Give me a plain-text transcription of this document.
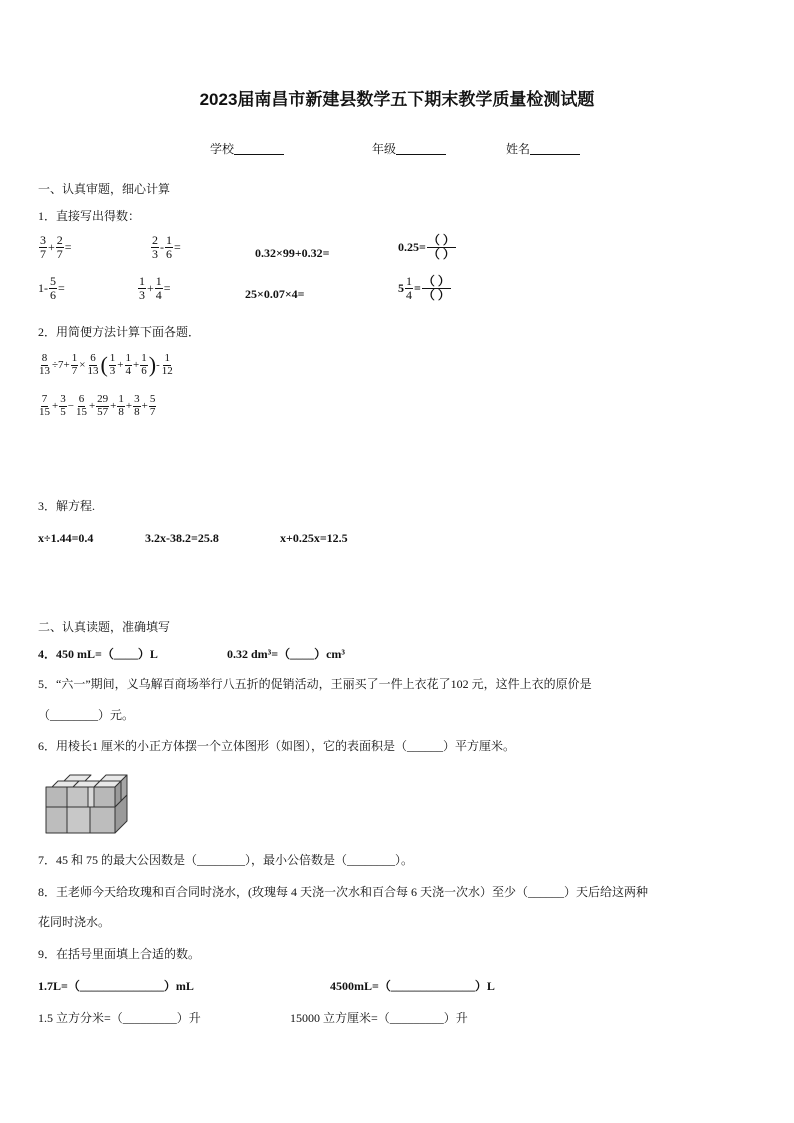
2023届南昌市新建县数学五下期末教学质量检测试题
学校	年级	姓名
一、认真审题，细心计算
1．直接写出得数：
$\frac{3}{7} + \frac{2}{7}$ =	$\frac{2}{3} - \frac{1}{6}$ =	0.32×99+0.32=	$0.25= \frac{( )}{( )}$
$1- \frac{5}{6}$ =	$\frac{1}{3} + \frac{1}{4}$ =	25×0.07×4=	$5 \frac{1}{4} = \frac{( )}{( )}$
2．用简便方法计算下面各题．
$\frac{8}{13} \div 7+ \frac{1}{7} \times \frac{6}{13}$ ( $\frac{1}{3} + \frac{1}{4} + \frac{1}{6}$ ) - $\frac{1}{12}$
$\frac{7}{15} + \frac{3}{5} - \frac{6}{15} + \frac{29}{57} + \frac{1}{8} + \frac{3}{8} + \frac{5}{7}$
3．解方程.
x÷1.44=0.4	3.2x-38.2=25.8	x+0.25x=12.5
二、认真读题，准确填写
4．450 mL=（____）L	0.32 dm³=（____）cm³
5．“六一”期间，义乌解百商场举行八五折的促销活动，王丽买了一件上衣花了102 元，这件上衣的原价是
（________）元。
6．用棱长1 厘米的小正方体摆一个立体图形（如图），它的表面积是（______）平方厘米。
7．45 和 75 的最大公因数是（________），最小公倍数是（________）。
8．王老师今天给玫瑰和百合同时浇水，(玫瑰每 4 天浇一次水和百合每 6 天浇一次水）至少（______）天后给这两种
花同时浇水。
9．在括号里面填上合适的数。
1.7L=（______________）mL	4500mL=（______________）L
1.5 立方分米=（_________）升	15000 立方厘米=（_________）升
